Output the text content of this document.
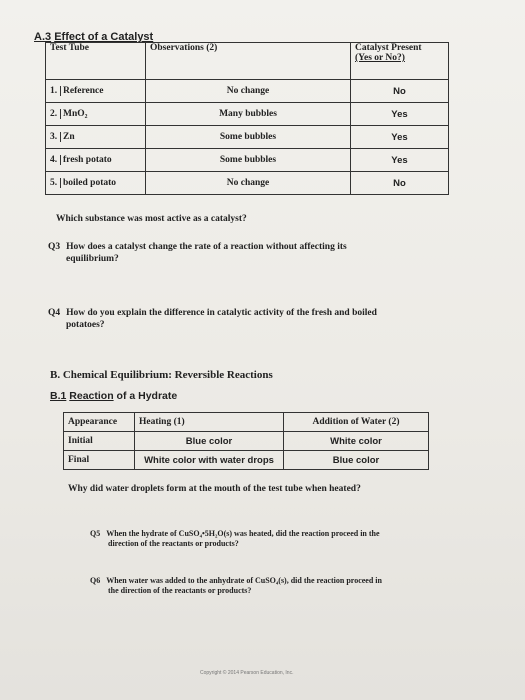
A.3 Effect of a Catalyst
Test Tube	Observations (2)	Catalyst Present
(Yes or No?)

1. Reference	No change	No
2. MnO₂	Many bubbles	Yes
3. Zn	Some bubbles	Yes
4. fresh potato	Some bubbles	Yes
5. boiled potato	No change	No
Which substance was most active as a catalyst?
Q3 How does a catalyst change the rate of a reaction without affecting its
equilibrium?
Q4 How do you explain the difference in catalytic activity of the fresh and boiled
potatoes?
B. Chemical Equilibrium: Reversible Reactions
B.1 Reaction of a Hydrate
Appearance	Heating (1)	Addition of Water (2)
Initial	Blue color	White color
Final	White color with water drops	Blue color
Why did water droplets form at the mouth of the test tube when heated?
Q5 When the hydrate of CuSO₄•5H₂O(s) was heated, did the reaction proceed in the
direction of the reactants or products?
Q6 When water was added to the anhydrate of CuSO₄(s), did the reaction proceed in
the direction of the reactants or products?
Copyright © 2014 Pearson Education, Inc.
